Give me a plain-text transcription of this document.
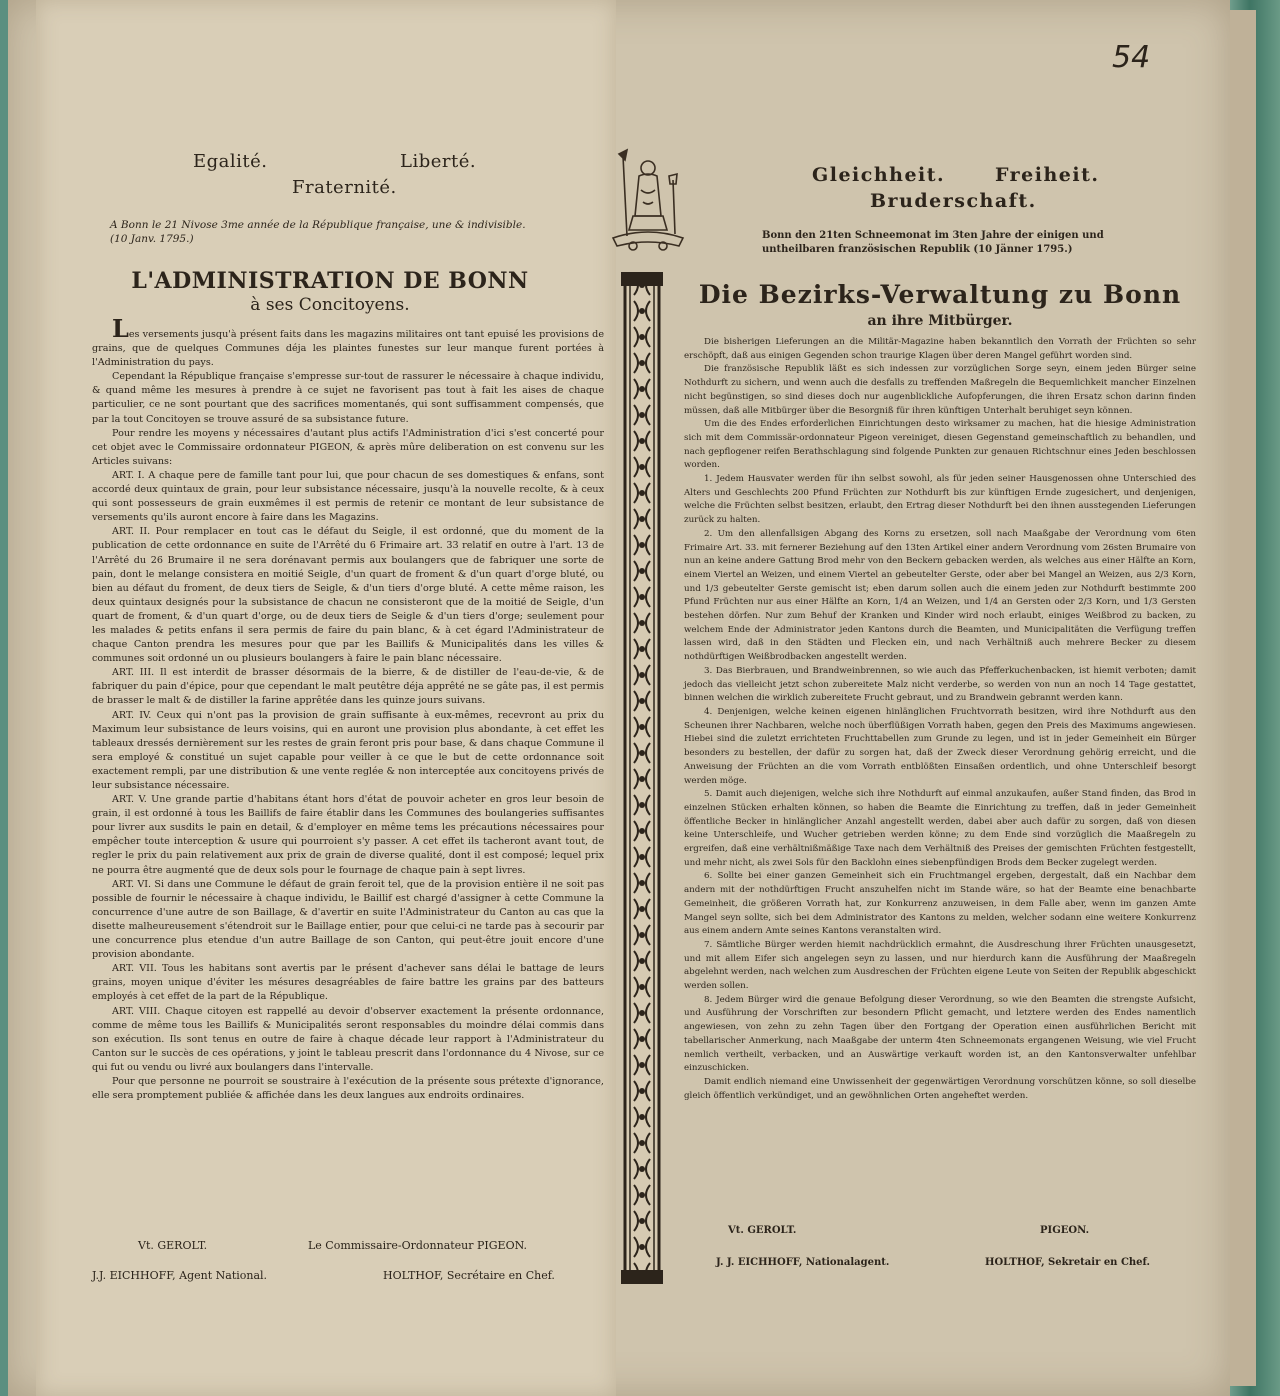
54
Egalité.	Liberté.
Fraternité.
A Bonn le 21 Nivose 3me année de la République française, une & indivisible. (10 Janv. 1795.)
L'ADMINISTRATION DE BONN
à ses Concitoyens.

Les versements jusqu'à présent faits dans les magazins militaires ont tant epuisé les provisions de grains, que de quelques Communes déja les plaintes funestes sur leur manque furent portées à l'Administration du pays.

Cependant la République française s'empresse sur-tout de rassurer le nécessaire à chaque individu, & quand même les mesures à prendre à ce sujet ne favorisent pas tout à fait les aises de chaque particulier, ce ne sont pourtant que des sacrifices momentanés, qui sont suffisamment compensés, que par la tout Concitoyen se trouve assuré de sa subsistance future.

Pour rendre les moyens y nécessaires d'autant plus actifs l'Administration d'ici s'est concerté pour cet objet avec le Commissaire ordonnateur PIGEON, & après mûre deliberation on est convenu sur les Articles suivans:

ART. I. A chaque pere de famille tant pour lui, que pour chacun de ses domestiques & enfans, sont accordé deux quintaux de grain, pour leur subsistance nécessaire, jusqu'à la nouvelle recolte, & à ceux qui sont possesseurs de grain euxmêmes il est permis de retenir ce montant de leur subsistance de versements qu'ils auront encore à faire dans les Magazins.

ART. II. Pour remplacer en tout cas le défaut du Seigle, il est ordonné, que du moment de la publication de cette ordonnance en suite de l'Arrêté du 6 Frimaire art. 33 relatif en outre à l'art. 13 de l'Arrêté du 26 Brumaire il ne sera dorénavant permis aux boulangers que de fabriquer une sorte de pain, dont le melange consistera en moitié Seigle, d'un quart de froment & d'un quart d'orge bluté, ou bien au défaut du froment, de deux tiers de Seigle, & d'un tiers d'orge bluté. A cette même raison, les deux quintaux designés pour la subsistance de chacun ne consisteront que de la moitié de Seigle, d'un quart de froment, & d'un quart d'orge, ou de deux tiers de Seigle & d'un tiers d'orge; seulement pour les malades & petits enfans il sera permis de faire du pain blanc, & à cet égard l'Administrateur de chaque Canton prendra les mesures pour que par les Baillifs & Municipalités dans les villes & communes soit ordonné un ou plusieurs boulangers à faire le pain blanc nécessaire.

ART. III. Il est interdit de brasser désormais de la bierre, & de distiller de l'eau-de-vie, & de fabriquer du pain d'épice, pour que cependant le malt peutêtre déja apprêté ne se gâte pas, il est permis de brasser le malt & de distiller la farine apprêtée dans les quinze jours suivans.

ART. IV. Ceux qui n'ont pas la provision de grain suffisante à eux-mêmes, recevront au prix du Maximum leur subsistance de leurs voisins, qui en auront une provision plus abondante, à cet effet les tableaux dressés dernièrement sur les restes de grain feront pris pour base, & dans chaque Commune il sera employé & constitué un sujet capable pour veiller à ce que le but de cette ordonnance soit exactement rempli, par une distribution & une vente reglée & non interceptée aux concitoyens privés de leur subsistance nécessaire.

ART. V. Une grande partie d'habitans étant hors d'état de pouvoir acheter en gros leur besoin de grain, il est ordonné à tous les Baillifs de faire établir dans les Communes des boulangeries suffisantes pour livrer aux susdits le pain en detail, & d'employer en même tems les précautions nécessaires pour empêcher toute interception & usure qui pourroient s'y passer. A cet effet ils tacheront avant tout, de regler le prix du pain relativement aux prix de grain de diverse qualité, dont il est composé; lequel prix ne pourra être augmenté que de deux sols pour le fournage de chaque pain à sept livres.

ART. VI. Si dans une Commune le défaut de grain feroit tel, que de la provision entière il ne soit pas possible de fournir le nécessaire à chaque individu, le Baillif est chargé d'assigner à cette Commune la concurrence d'une autre de son Baillage, & d'avertir en suite l'Administrateur du Canton au cas que la disette malheureusement s'étendroit sur le Baillage entier, pour que celui-ci ne tarde pas à secourir par une concurrence plus etendue d'un autre Baillage de son Canton, qui peut-être jouit encore d'une provision abondante.

ART. VII. Tous les habitans sont avertis par le présent d'achever sans délai le battage de leurs grains, moyen unique d'éviter les mésures desagréables de faire battre les grains par des batteurs employés à cet effet de la part de la République.

ART. VIII. Chaque citoyen est rappellé au devoir d'observer exactement la présente ordonnance, comme de même tous les Baillifs & Municipalités seront responsables du moindre délai commis dans son exécution. Ils sont tenus en outre de faire à chaque décade leur rapport à l'Administrateur du Canton sur le succès de ces opérations, y joint le tableau prescrit dans l'ordonnance du 4 Nivose, sur ce qui fut ou vendu ou livré aux boulangers dans l'intervalle.

Pour que personne ne pourroit se soustraire à l'exécution de la présente sous prétexte d'ignorance, elle sera promptement publiée & affichée dans les deux langues aux endroits ordinaires.

Vt. GEROLT.	Le Commissaire-Ordonnateur PIGEON.
J.J. EICHHOFF, Agent National.	HOLTHOF, Secrétaire en Chef.
Gleichheit.	Freiheit.
Bruderschaft.
Bonn den 21ten Schneemonat im 3ten Jahre der einigen und untheilbaren französischen Republik (10 Jänner 1795.)
Die Bezirks-Verwaltung zu Bonn
an ihre Mitbürger.

Die bisherigen Lieferungen an die Militär-Magazine haben bekanntlich den Vorrath der Früchten so sehr erschöpft, daß aus einigen Gegenden schon traurige Klagen über deren Mangel geführt worden sind.

Die französische Republik läßt es sich indessen zur vorzüglichen Sorge seyn, einem jeden Bürger seine Nothdurft zu sichern, und wenn auch die desfalls zu treffenden Maßregeln die Bequemlichkeit mancher Einzelnen nicht begünstigen, so sind dieses doch nur augenblickliche Aufopferungen, die ihren Ersatz schon darinn finden müssen, daß alle Mitbürger über die Besorgniß für ihren künftigen Unterhalt beruhiget seyn können.

Um die des Endes erforderlichen Einrichtungen desto wirksamer zu machen, hat die hiesige Administration sich mit dem Commissär-ordonnateur Pigeon vereiniget, diesen Gegenstand gemeinschaftlich zu behandlen, und nach gepflogener reifen Berathschlagung sind folgende Punkten zur genauen Richtschnur eines Jeden beschlossen worden.

1. Jedem Hausvater werden für ihn selbst sowohl, als für jeden seiner Hausgenossen ohne Unterschied des Alters und Geschlechts 200 Pfund Früchten zur Nothdurft bis zur künftigen Ernde zugesichert, und denjenigen, welche die Früchten selbst besitzen, erlaubt, den Ertrag dieser Nothdurft bei den ihnen ausstegenden Lieferungen zurück zu halten.

2. Um den allenfallsigen Abgang des Korns zu ersetzen, soll nach Maaßgabe der Verordnung vom 6ten Frimaire Art. 33. mit fernerer Beziehung auf den 13ten Artikel einer andern Verordnung vom 26sten Brumaire von nun an keine andere Gattung Brod mehr von den Beckern gebacken werden, als welches aus einer Hälfte an Korn, einem Viertel an Weizen, und einem Viertel an gebeutelter Gerste, oder aber bei Mangel an Weizen, aus 2/3 Korn, und 1/3 gebeutelter Gerste gemischt ist; eben darum sollen auch die einem jeden zur Nothdurft bestimmte 200 Pfund Früchten nur aus einer Hälfte an Korn, 1/4 an Weizen, und 1/4 an Gersten oder 2/3 Korn, und 1/3 Gersten bestehen dörfen. Nur zum Behuf der Kranken und Kinder wird noch erlaubt, einiges Weißbrod zu backen, zu welchem Ende der Administrator jeden Kantons durch die Beamten, und Municipalitäten die Verfügung treffen lassen wird, daß in den Städten und Flecken ein, und nach Verhältniß auch mehrere Becker zu diesem nothdürftigen Weißbrodbacken angestellt werden.

3. Das Bierbrauen, und Brandweinbrennen, so wie auch das Pfefferkuchenbacken, ist hiemit verboten; damit jedoch das vielleicht jetzt schon zubereitete Malz nicht verderbe, so werden von nun an noch 14 Tage gestattet, binnen welchen die wirklich zubereitete Frucht gebraut, und zu Brandwein gebrannt werden kann.

4. Denjenigen, welche keinen eigenen hinlänglichen Fruchtvorrath besitzen, wird ihre Nothdurft aus den Scheunen ihrer Nachbaren, welche noch überflüßigen Vorrath haben, gegen den Preis des Maximums angewiesen. Hiebei sind die zuletzt errichteten Fruchttabellen zum Grunde zu legen, und ist in jeder Gemeinheit ein Bürger besonders zu bestellen, der dafür zu sorgen hat, daß der Zweck dieser Verordnung gehörig erreicht, und die Anweisung der Früchten an die vom Vorrath entblößten Einsaßen ordentlich, und ohne Unterschleif besorgt werden möge.

5. Damit auch diejenigen, welche sich ihre Nothdurft auf einmal anzukaufen, außer Stand finden, das Brod in einzelnen Stücken erhalten können, so haben die Beamte die Einrichtung zu treffen, daß in jeder Gemeinheit öffentliche Becker in hinlänglicher Anzahl angestellt werden, dabei aber auch dafür zu sorgen, daß von diesen keine Unterschleife, und Wucher getrieben werden könne; zu dem Ende sind vorzüglich die Maaßregeln zu ergreifen, daß eine verhältnißmäßige Taxe nach dem Verhältniß des Preises der gemischten Früchten festgestellt, und mehr nicht, als zwei Sols für den Backlohn eines siebenpfündigen Brods dem Becker zugelegt werden.

6. Sollte bei einer ganzen Gemeinheit sich ein Fruchtmangel ergeben, dergestalt, daß ein Nachbar dem andern mit der nothdürftigen Frucht anszuhelfen nicht im Stande wäre, so hat der Beamte eine benachbarte Gemeinheit, die größeren Vorrath hat, zur Konkurrenz anzuweisen, in dem Falle aber, wenn im ganzen Amte Mangel seyn sollte, sich bei dem Administrator des Kantons zu melden, welcher sodann eine weitere Konkurrenz aus einem andern Amte seines Kantons veranstalten wird.

7. Sämtliche Bürger werden hiemit nachdrücklich ermahnt, die Ausdreschung ihrer Früchten unausgesetzt, und mit allem Eifer sich angelegen seyn zu lassen, und nur hierdurch kann die Ausführung der Maaßregeln abgelehnt werden, nach welchen zum Ausdreschen der Früchten eigene Leute von Seiten der Republik abgeschickt werden sollen.

8. Jedem Bürger wird die genaue Befolgung dieser Verordnung, so wie den Beamten die strengste Aufsicht, und Ausführung der Vorschriften zur besondern Pflicht gemacht, und letztere werden des Endes namentlich angewiesen, von zehn zu zehn Tagen über den Fortgang der Operation einen ausführlichen Bericht mit tabellarischer Anmerkung, nach Maaßgabe der unterm 4ten Schneemonats ergangenen Weisung, wie viel Frucht nemlich vertheilt, verbacken, und an Auswärtige verkauft worden ist, an den Kantonsverwalter unfehlbar einzuschicken.

Damit endlich niemand eine Unwissenheit der gegenwärtigen Verordnung vorschützen könne, so soll dieselbe gleich öffentlich verkündiget, und an gewöhnlichen Orten angeheftet werden.

Vt. GEROLT.	PIGEON.
J. J. EICHHOFF, Nationalagent.	HOLTHOF, Sekretair en Chef.
